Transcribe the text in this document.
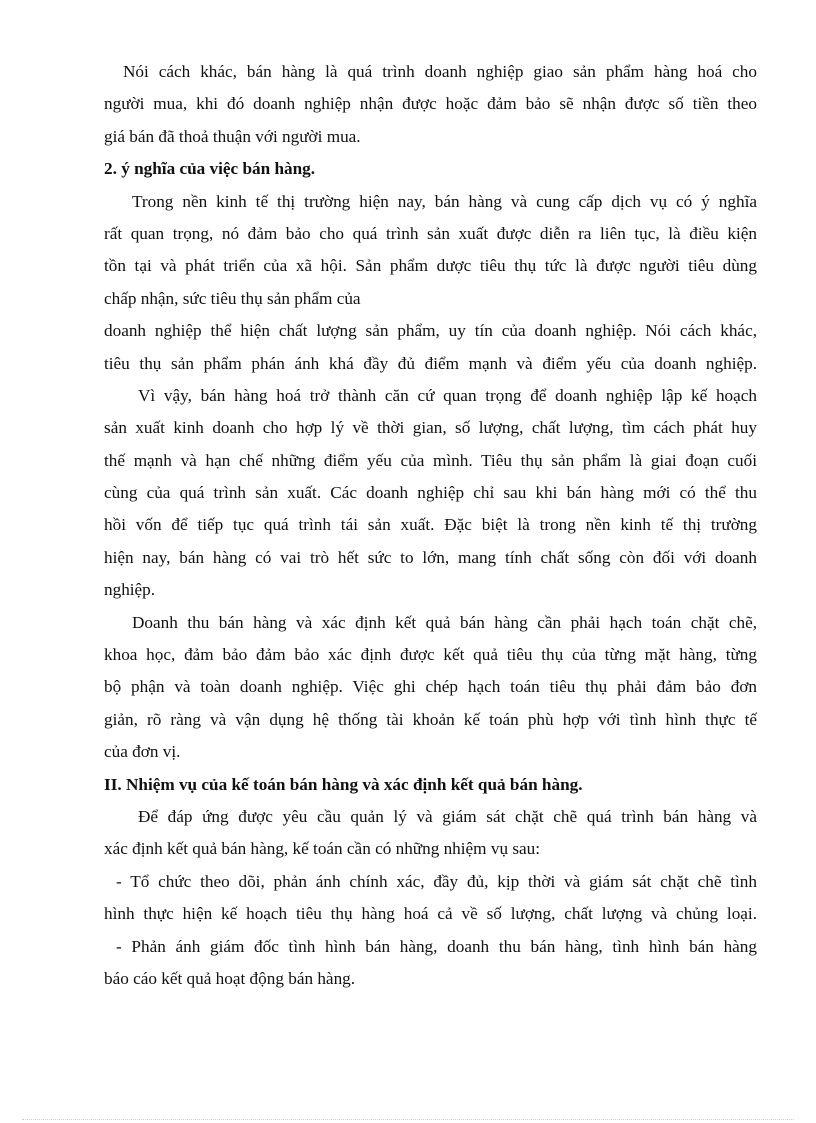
Nói cách khác, bán hàng là quá trình doanh nghiệp giao sản phẩm hàng hoá cho
người mua, khi đó doanh nghiệp nhận được hoặc đảm bảo sẽ nhận được số tiền theo
giá bán đã thoả thuận với người mua.
2. ý nghĩa của việc bán hàng.
Trong nền kinh tế thị trường hiện nay, bán hàng và cung cấp dịch vụ có ý nghĩa
rất quan trọng, nó đảm bảo cho quá trình sản xuất được diễn ra liên tục, là điều kiện
tồn tại và phát triển của xã hội. Sản phẩm dược tiêu thụ tức là được người tiêu dùng
chấp nhận, sức tiêu thụ sản phẩm của
doanh nghiệp thể hiện chất lượng sản phẩm, uy tín của doanh nghiệp. Nói cách khác,
tiêu thụ sản phẩm phán ánh khá đầy đủ điểm mạnh và điểm yếu của doanh nghiệp.
Vì vậy, bán hàng hoá trở thành căn cứ quan trọng để doanh nghiệp lập kế hoạch
sản xuất kinh doanh cho hợp lý về thời gian, số lượng, chất lượng, tìm cách phát huy
thế mạnh và hạn chế những điểm yếu của mình. Tiêu thụ sản phẩm là giai đoạn cuối
cùng của quá trình sản xuất. Các doanh nghiệp chỉ sau khi bán hàng mới có thể thu
hồi vốn để tiếp tục quá trình tái sản xuất. Đặc biệt là trong nền kinh tế thị trường
hiện nay, bán hàng có vai trò hết sức to lớn, mang tính chất sống còn đối với doanh
nghiệp.
Doanh thu bán hàng và xác định kết quả bán hàng cần phải hạch toán chặt chẽ,
khoa học, đảm bảo đảm bảo xác định được kết quả tiêu thụ của từng mặt hàng, từng
bộ phận và toàn doanh nghiệp. Việc ghi chép hạch toán tiêu thụ phải đảm bảo đơn
giản, rõ ràng và vận dụng hệ thống tài khoản kế toán phù hợp với tình hình thực tế
của đơn vị.
II. Nhiệm vụ của kế toán bán hàng và xác định kết quả bán hàng.
Để đáp ứng được yêu cầu quản lý và giám sát chặt chẽ quá trình bán hàng và
xác định kết quả bán hàng, kế toán cần có những nhiệm vụ sau:
- Tổ chức theo dõi, phản ánh chính xác, đầy đủ, kịp thời và giám sát chặt chẽ tình
hình thực hiện kế hoạch tiêu thụ hàng hoá cả về số lượng, chất lượng và chủng loại.
- Phản ánh giám đốc tình hình bán hàng, doanh thu bán hàng, tình hình bán hàng
báo cáo kết quả hoạt động bán hàng.
